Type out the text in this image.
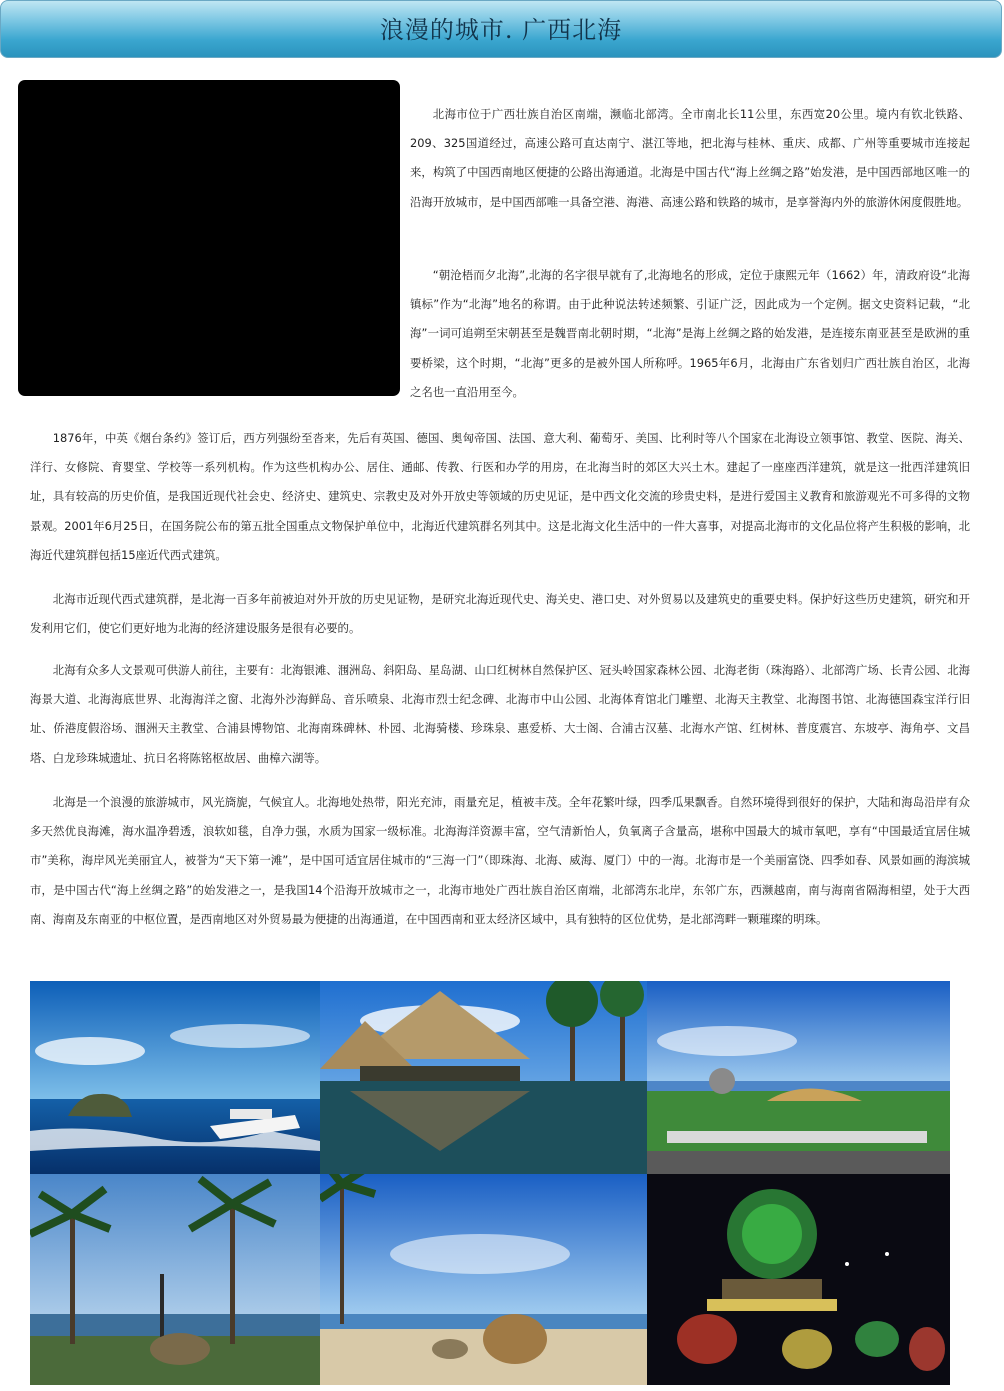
浪漫的城市. 广西北海

北海市位于广西壮族自治区南端，濒临北部湾。全市南北长11公里，东西宽20公里。境内有钦北铁路、209、325国道经过，高速公路可直达南宁、湛江等地，把北海与桂林、重庆、成都、广州等重要城市连接起来，构筑了中国西南地区便捷的公路出海通道。北海是中国古代“海上丝绸之路”始发港，是中国西部地区唯一的沿海开放城市，是中国西部唯一具备空港、海港、高速公路和铁路的城市，是享誉海内外的旅游休闲度假胜地。

“朝沧梧而夕北海”,北海的名字很早就有了,北海地名的形成，定位于康熙元年（1662）年，清政府设“北海镇标”作为“北海”地名的称谓。由于此种说法转述频繁、引证广泛，因此成为一个定例。据文史资料记载，“北海”一词可追朔至宋朝甚至是魏晋南北朝时期，“北海”是海上丝绸之路的始发港，是连接东南亚甚至是欧洲的重要桥梁，这个时期，“北海”更多的是被外国人所称呼。1965年6月，北海由广东省划归广西壮族自治区，北海之名也一直沿用至今。

1876年，中英《烟台条约》签订后，西方列强纷至沓来，先后有英国、德国、奥匈帝国、法国、意大利、葡萄牙、美国、比利时等八个国家在北海设立领事馆、教堂、医院、海关、洋行、女修院、育婴堂、学校等一系列机构。作为这些机构办公、居住、通邮、传教、行医和办学的用房，在北海当时的郊区大兴土木。建起了一座座西洋建筑，就是这一批西洋建筑旧址，具有较高的历史价值，是我国近现代社会史、经济史、建筑史、宗教史及对外开放史等领域的历史见证，是中西文化交流的珍贵史料，是进行爱国主义教育和旅游观光不可多得的文物景观。2001年6月25日，在国务院公布的第五批全国重点文物保护单位中，北海近代建筑群名列其中。这是北海文化生活中的一件大喜事，对提高北海市的文化品位将产生积极的影响，北海近代建筑群包括15座近代西式建筑。

北海市近现代西式建筑群，是北海一百多年前被迫对外开放的历史见证物，是研究北海近现代史、海关史、港口史、对外贸易以及建筑史的重要史料。保护好这些历史建筑，研究和开发利用它们，使它们更好地为北海的经济建设服务是很有必要的。

北海有众多人文景观可供游人前往，主要有：北海银滩、涠洲岛、斜阳岛、星岛湖、山口红树林自然保护区、冠头岭国家森林公园、北海老街（珠海路）、北部湾广场、长青公园、北海海景大道、北海海底世界、北海海洋之窗、北海外沙海鲜岛、音乐喷泉、北海市烈士纪念碑、北海市中山公园、北海体育馆北门雕塑、北海天主教堂、北海图书馆、北海德国森宝洋行旧址、侨港度假浴场、涠洲天主教堂、合浦县博物馆、北海南珠碑林、朴园、北海骑楼、珍珠泉、惠爱桥、大士阁、合浦古汉墓、北海水产馆、红树林、普度震宫、东坡亭、海角亭、文昌塔、白龙珍珠城遗址、抗日名将陈铭枢故居、曲樟六湖等。

北海是一个浪漫的旅游城市，风光旖旎，气候宜人。北海地处热带，阳光充沛，雨量充足，植被丰茂。全年花繁叶绿，四季瓜果飘香。自然环境得到很好的保护，大陆和海岛沿岸有众多天然优良海滩，海水温净碧透，浪软如毯，自净力强，水质为国家一级标准。北海海洋资源丰富，空气清新怡人，负氧离子含量高，堪称中国最大的城市氧吧，享有“中国最适宜居住城市”美称，海岸风光美丽宜人，被誉为“天下第一滩”，是中国可适宜居住城市的“三海一门”（即珠海、北海、威海、厦门）中的一海。北海市是一个美丽富饶、四季如春、风景如画的海滨城市，是中国古代“海上丝绸之路”的始发港之一，是我国14个沿海开放城市之一，北海市地处广西壮族自治区南端，北部湾东北岸，东邻广东，西濒越南，南与海南省隔海相望，处于大西南、海南及东南亚的中枢位置，是西南地区对外贸易最为便捷的出海通道，在中国西南和亚太经济区域中，具有独特的区位优势，是北部湾畔一颗璀璨的明珠。
